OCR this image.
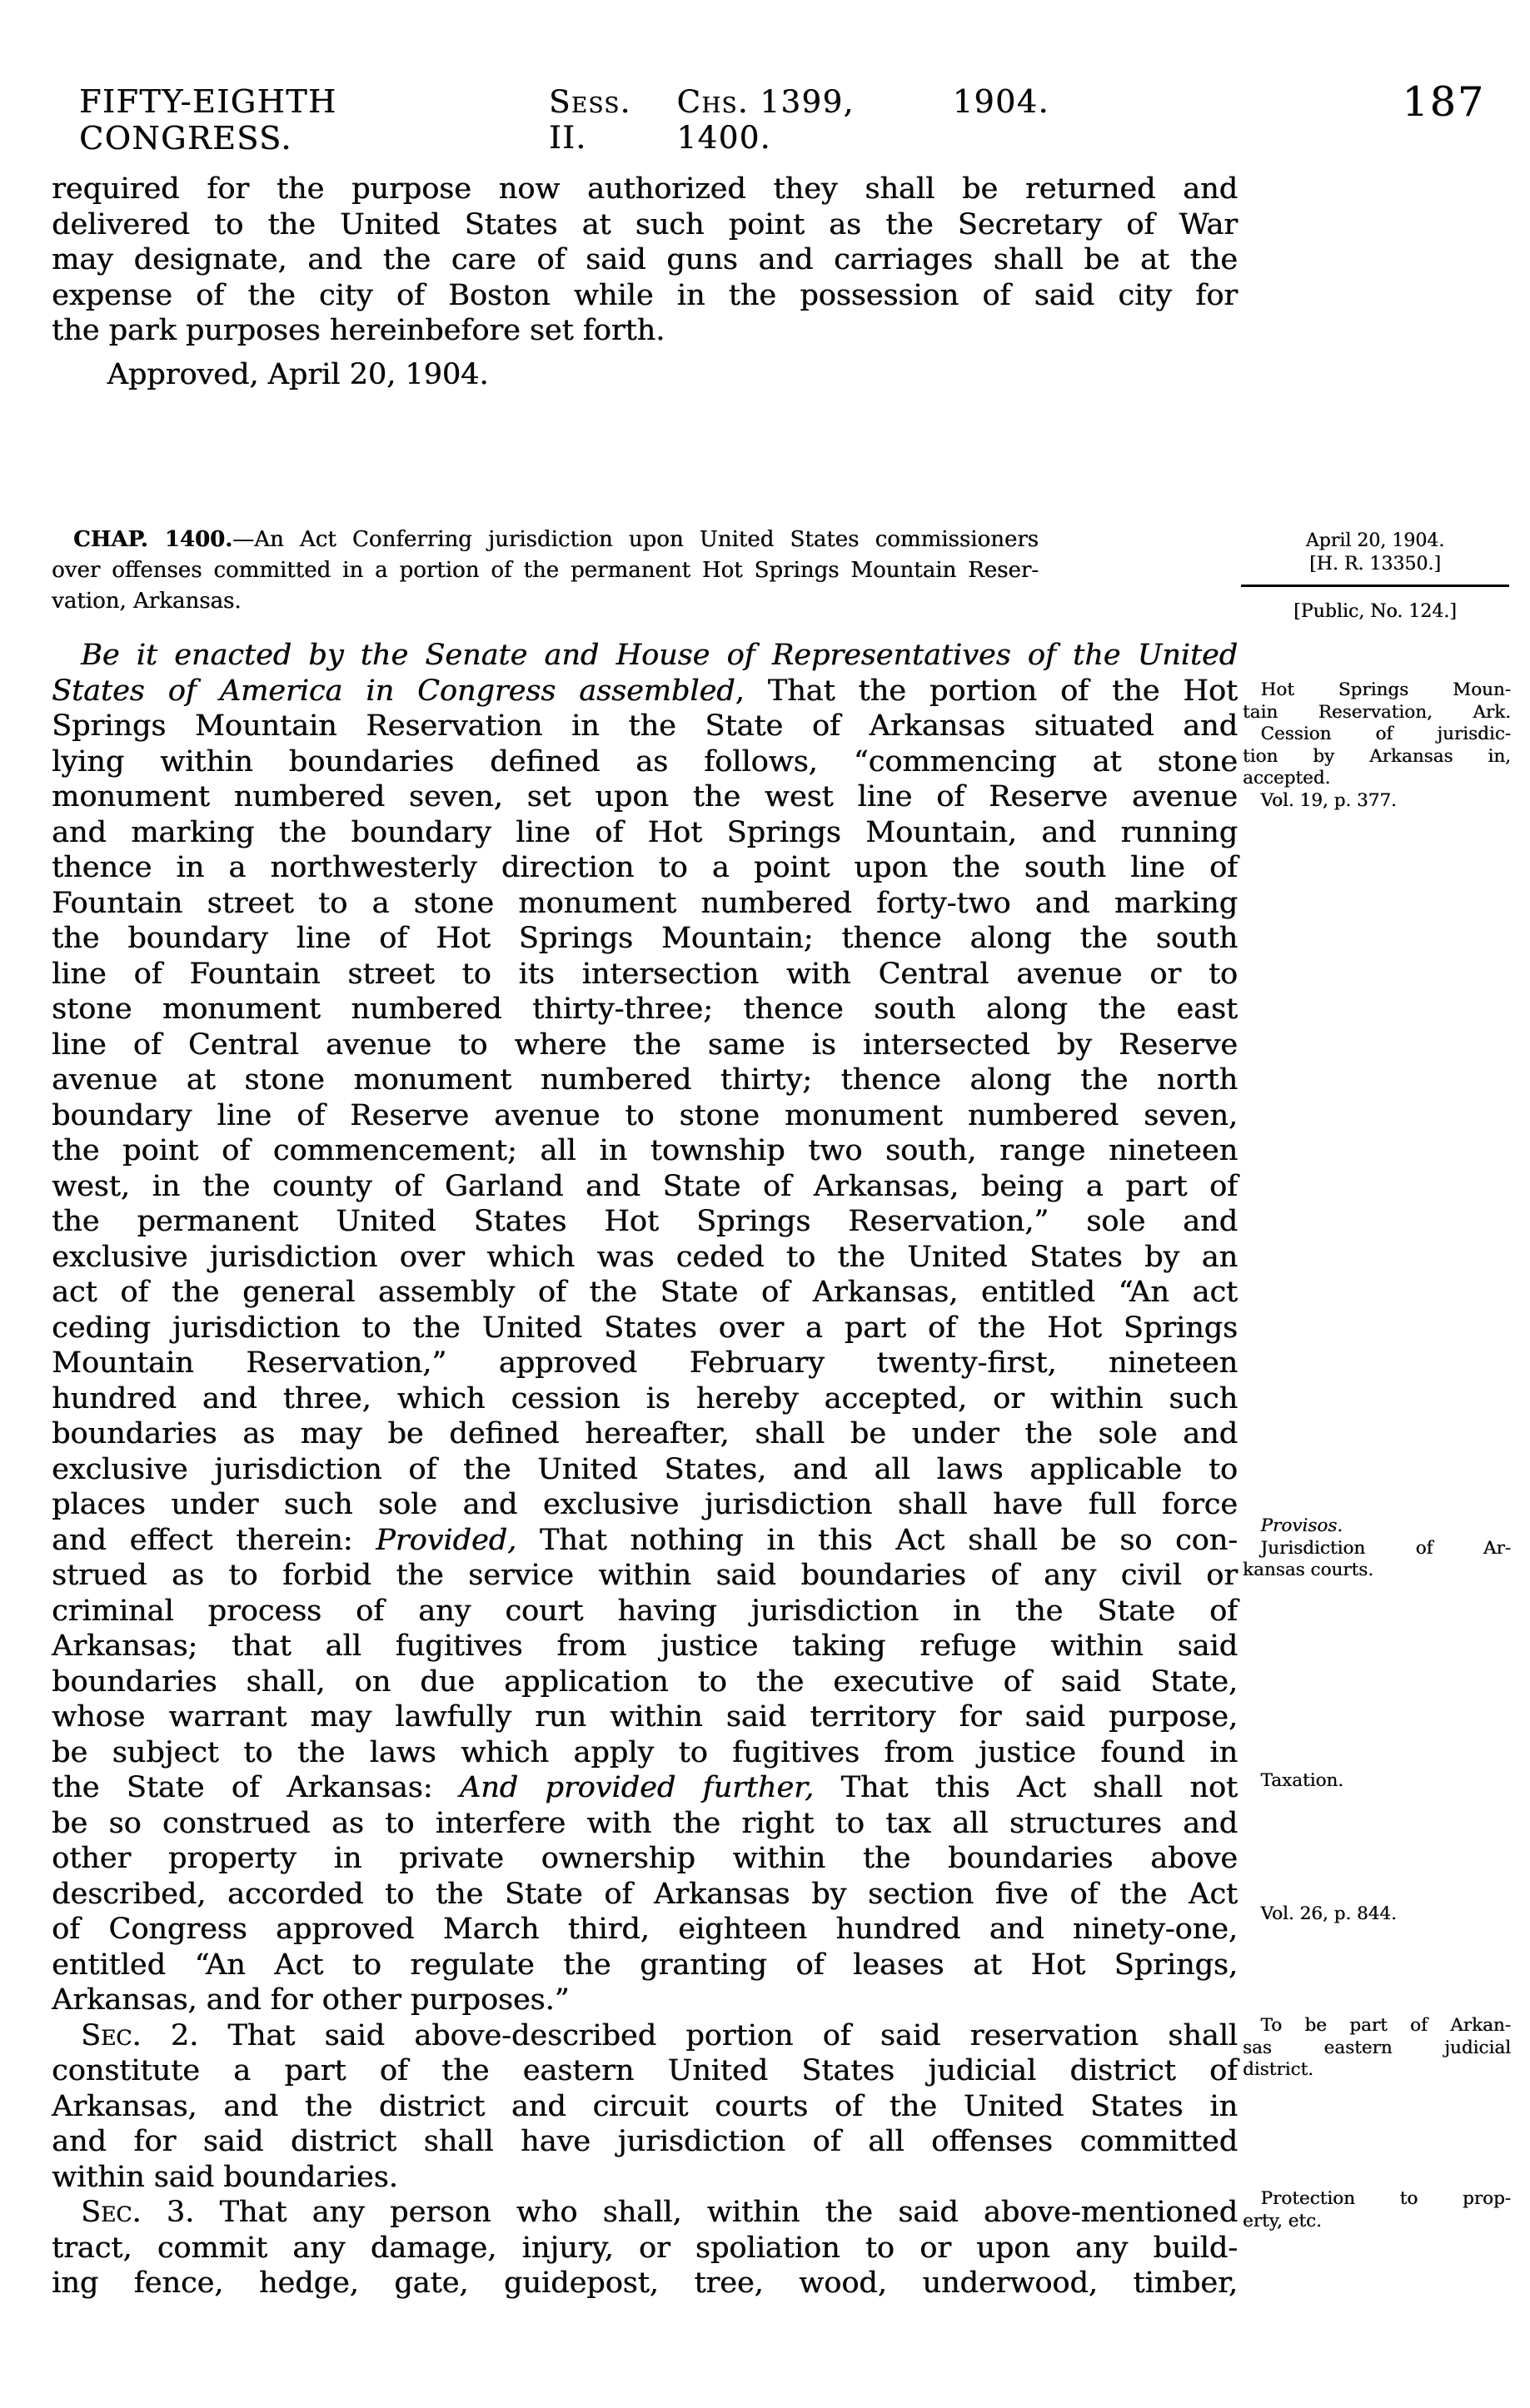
FIFTY-EIGHTH CONGRESS.
Sess. II.
Chs. 1399, 1400.
1904.	187
required for the purpose now authorized they shall be returned and
delivered to the United States at such point as the Secretary of War
may designate, and the care of said guns and carriages shall be at the
expense of the city of Boston while in the possession of said city for
the park purposes hereinbefore set forth.
Approved, April 20, 1904.
CHAP. 1400.—An Act Conferring jurisdiction upon United States commissioners
over offenses committed in a portion of the permanent Hot Springs Mountain Reser-
vation, Arkansas.
April 20, 1904.
[H. R. 13350.]
[Public, No. 124.]
Be it enacted by the Senate and House of Representatives of the United
States of America in Congress assembled, That the portion of the Hot
Springs Mountain Reservation in the State of Arkansas situated and
lying within boundaries defined as follows, “commencing at stone
monument numbered seven, set upon the west line of Reserve avenue
and marking the boundary line of Hot Springs Mountain, and running
thence in a northwesterly direction to a point upon the south line of
Fountain street to a stone monument numbered forty-two and marking
the boundary line of Hot Springs Mountain; thence along the south
line of Fountain street to its intersection with Central avenue or to
stone monument numbered thirty-three; thence south along the east
line of Central avenue to where the same is intersected by Reserve
avenue at stone monument numbered thirty; thence along the north
boundary line of Reserve avenue to stone monument numbered seven,
the point of commencement; all in township two south, range nineteen
west, in the county of Garland and State of Arkansas, being a part of
the permanent United States Hot Springs Reservation,” sole and
exclusive jurisdiction over which was ceded to the United States by an
act of the general assembly of the State of Arkansas, entitled “An act
ceding jurisdiction to the United States over a part of the Hot Springs
Mountain Reservation,” approved February twenty-first, nineteen
hundred and three, which cession is hereby accepted, or within such
boundaries as may be defined hereafter, shall be under the sole and
exclusive jurisdiction of the United States, and all laws applicable to
places under such sole and exclusive jurisdiction shall have full force
and effect therein: Provided, That nothing in this Act shall be so con-
strued as to forbid the service within said boundaries of any civil or
criminal process of any court having jurisdiction in the State of
Arkansas; that all fugitives from justice taking refuge within said
boundaries shall, on due application to the executive of said State,
whose warrant may lawfully run within said territory for said purpose,
be subject to the laws which apply to fugitives from justice found in
the State of Arkansas: And provided further, That this Act shall not
be so construed as to interfere with the right to tax all structures and
other property in private ownership within the boundaries above
described, accorded to the State of Arkansas by section five of the Act
of Congress approved March third, eighteen hundred and ninety-one,
entitled “An Act to regulate the granting of leases at Hot Springs,
Arkansas, and for other purposes.”
Sec. 2. That said above-described portion of said reservation shall
constitute a part of the eastern United States judicial district of
Arkansas, and the district and circuit courts of the United States in
and for said district shall have jurisdiction of all offenses committed
within said boundaries.
Sec. 3. That any person who shall, within the said above-mentioned
tract, commit any damage, injury, or spoliation to or upon any build-
ing fence, hedge, gate, guidepost, tree, wood, underwood, timber,
Hot Springs Moun-
tain Reservation, Ark.
Cession of jurisdic-
tion by Arkansas in,
accepted.
Vol. 19, p. 377.
Provisos.
Jurisdiction of Ar-
kansas courts.
Taxation.
Vol. 26, p. 844.
To be part of Arkan-
sas eastern judicial
district.
Protection to prop-
erty, etc.
